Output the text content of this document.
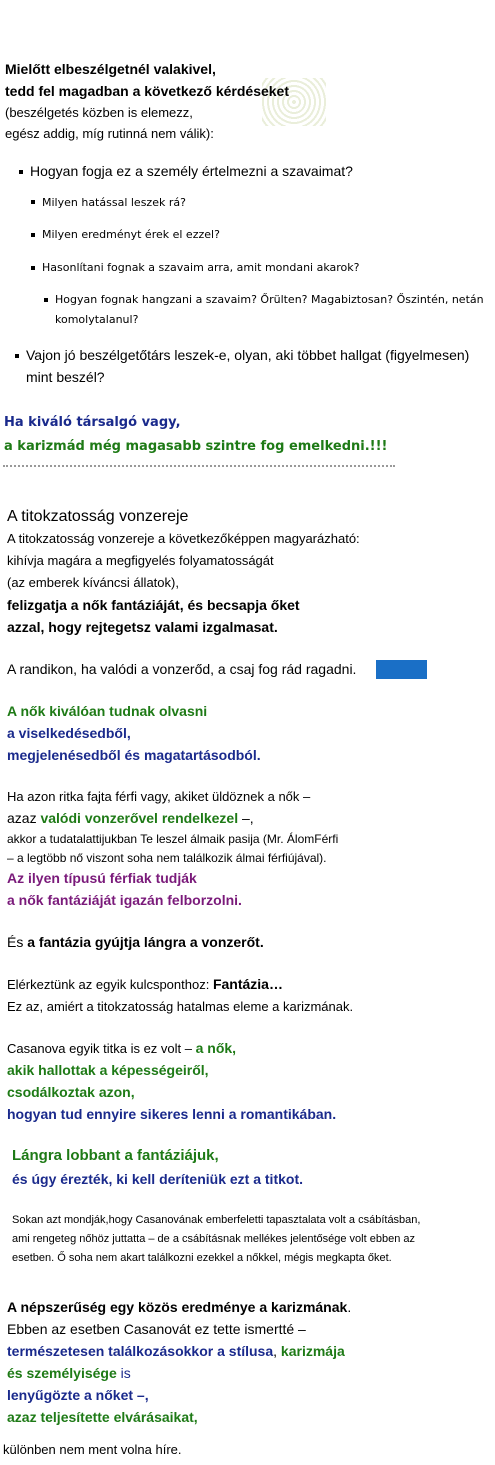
Mielőtt elbeszélgetnél valakivel,
tedd fel magadban a következő kérdéseket
(beszélgetés közben is elemezz,
egész addig, míg rutinná nem válik):
Hogyan fogja ez a személy értelmezni a szavaimat?
Milyen hatással leszek rá?
Milyen eredményt érek el ezzel?
Hasonlítani fognak a szavaim arra, amit mondani akarok?
Hogyan fognak hangzani a szavaim? Őrülten? Magabiztosan? Őszintén, netán
komolytalanul?
Vajon jó beszélgetőtárs leszek-e, olyan, aki többet hallgat (figyelmesen)
mint beszél?
Ha kiváló társalgó vagy,
a karizmád még magasabb szintre fog emelkedni.!!!
A titokzatosság vonzereje
A titokzatosság vonzereje a következőképpen magyarázható:
kihívja magára a megfigyelés folyamatosságát
(az emberek kíváncsi állatok),
felizgatja a nők fantáziáját, és becsapja őket
azzal, hogy rejtegetsz valami izgalmasat.
A randikon, ha valódi a vonzerőd, a csaj fog rád ragadni.
A nők kiválóan tudnak olvasni
a viselkedésedből,
megjelenésedből és magatartásodból.
Ha azon ritka fajta férfi vagy, akiket üldöznek a nők –
azaz valódi vonzerővel rendelkezel –,
akkor a tudatalattijukban Te leszel álmaik pasija (Mr. ÁlomFérfi
– a legtöbb nő viszont soha nem találkozik álmai férfiújával).
Az ilyen típusú férfiak tudják
a nők fantáziáját igazán felborzolni.
És a fantázia gyújtja lángra a vonzerőt.
Elérkeztünk az egyik kulcsponthoz: Fantázia…
Ez az, amiért a titokzatosság hatalmas eleme a karizmának.
Casanova egyik titka is ez volt – a nők,
akik hallottak a képességeiről,
csodálkoztak azon,
hogyan tud ennyire sikeres lenni a romantikában.
Lángra lobbant a fantáziájuk,
és úgy érezték, ki kell deríteniük ezt a titkot.
Sokan azt mondják,hogy Casanovának emberfeletti tapasztalata volt a csábításban,
ami rengeteg nőhöz juttatta – de a csábításnak mellékes jelentősége volt ebben az
esetben. Ő soha nem akart találkozni ezekkel a nőkkel, mégis megkapta őket.
A népszerűség egy közös eredménye a karizmának.
Ebben az esetben Casanovát ez tette ismertté –
természetesen találkozásokkor a stílusa, karizmája
és személyisége is
lenyűgözte a nőket –,
azaz teljesítette elvárásaikat,
különben nem ment volna híre.
